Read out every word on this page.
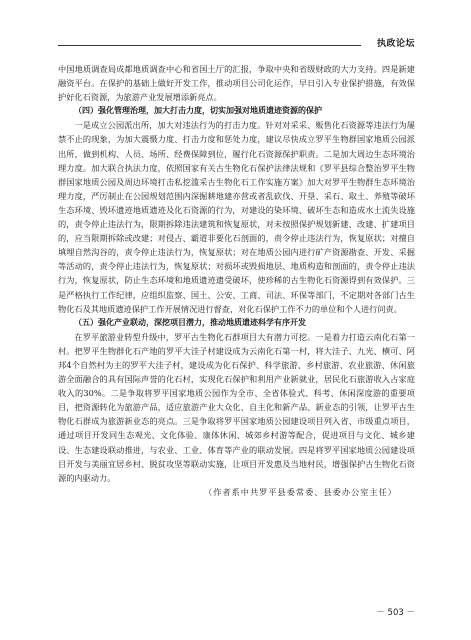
执政论坛

中国地质调查局成都地质调查中心和省国土厅的汇报，争取中央和省级财政的大力支持。四是新建融资平台。在保护的基础上做好开发工作，推动项目公司化运作，早日引入专业保护措施，有效保护好化石资源，为旅游产业发展增添新亮点。

（四）强化管理治理，加大打击力度，切实加强对地质遗迹资源的保护

一是成立公园派出所，加大对违法行为的打击力度。针对对采采、贩售化石资源等违法行为屡禁不止的现象，为加大震慑力度、打击力度和惩处力度，建议尽快成立罗平生物群国家地质公园派出所，做到机构、人员、场所、经费保障到位，履行化石资源保护职责。二是加大周边生态环境治理力度。加大联合执法力度，依照国家有关古生物化石保护法律法规和《罗平县综合整治罗平生物群国家地质公园及周边环境打击私挖滥采古生物化石工作实施方案》加大对罗平生物群生态环境治理力度，严厉制止在公园规划范围内深掘耕地建亦营或者乱砍伐、开垦、采石、取土、养殖等破坏生态环境、毁坏遗迹地质遗迹及化石资源的行为，对建设的染环境、破坏生态和造成水土流失设施的，责令停止违法行为，限期拆除违法建筑和恢复原状，对未按照保护规划新建、改建、扩建项目的，应当限期拆除或改建；对侵占、霸道非要化石剖面的，责令停止违法行为，恢复原状；对擅自填埋自然沟谷的，责令停止违法行为，恢复原状；对在地质公园内进行矿产资源勘查、开发、采掘等活动的，责令停止违法行为，恢复原状；对损坏或毁损地层、地质构造和剖面的，责令停止违法行为，恢复原状，防止生态环境和地质遗迹遗受破坏，使珍稀的古生物化石资源得到有效保护。三是严格执行工作纪律，应组织监察、国土、公安、工商、司法、环保等部门，不定期对各部门古生物化石及其地质遗迹保护工作开展情况进行督查，对化石保护工作不力的单位和个人进行问责。

（五）强化产业联动，深挖项目潜力，推动地质遗迹科学有序开发

在罗平旅游业转型升级中，罗平古生物化石群项目大有潜力可挖。一是着力打造云南化石第一村。把罗平生物群化石产地的罗平大洼子村建设成为云南化石第一村，将大洼子、九光、横可、阿邦4个自然村为主的罗平大洼子村，建设成为化石保护、科学旅游、乡村旅游、农业旅游、休闲旅游全面融合的具有国际声誉的化石村，实现化石保护和利用产业新就业，居民化石旅游收入占家庭收入的30%。二是争取将罗平国家地质公园作为全市、全省体验式、科考、休闲深度游的重要项目，把资源转化为旅游产品，适应旅游产业大众化、自主化和新产品、新业态的引领，让罗平古生物化石群成为旅游新业态的亮点。三是争取将罗平国家地质公园建设项目列入省、市级重点项目，通过项目开发同生态观光、文化体验、康体休闲、城郊乡村游等配合，促进项目与文化、城乡建设、生态建设联动推进，与农业、工业、体育等产业的联动发展。四是将罗平国家地质公园建设项目开发与美丽宜居乡村、脱贫攻坚等联动实施，让项目开发惠及当地村民，增强保护古生物化石资源的内驱动力。

（作者系中共罗平县委常委、县委办公室主任）

－ 503 －
